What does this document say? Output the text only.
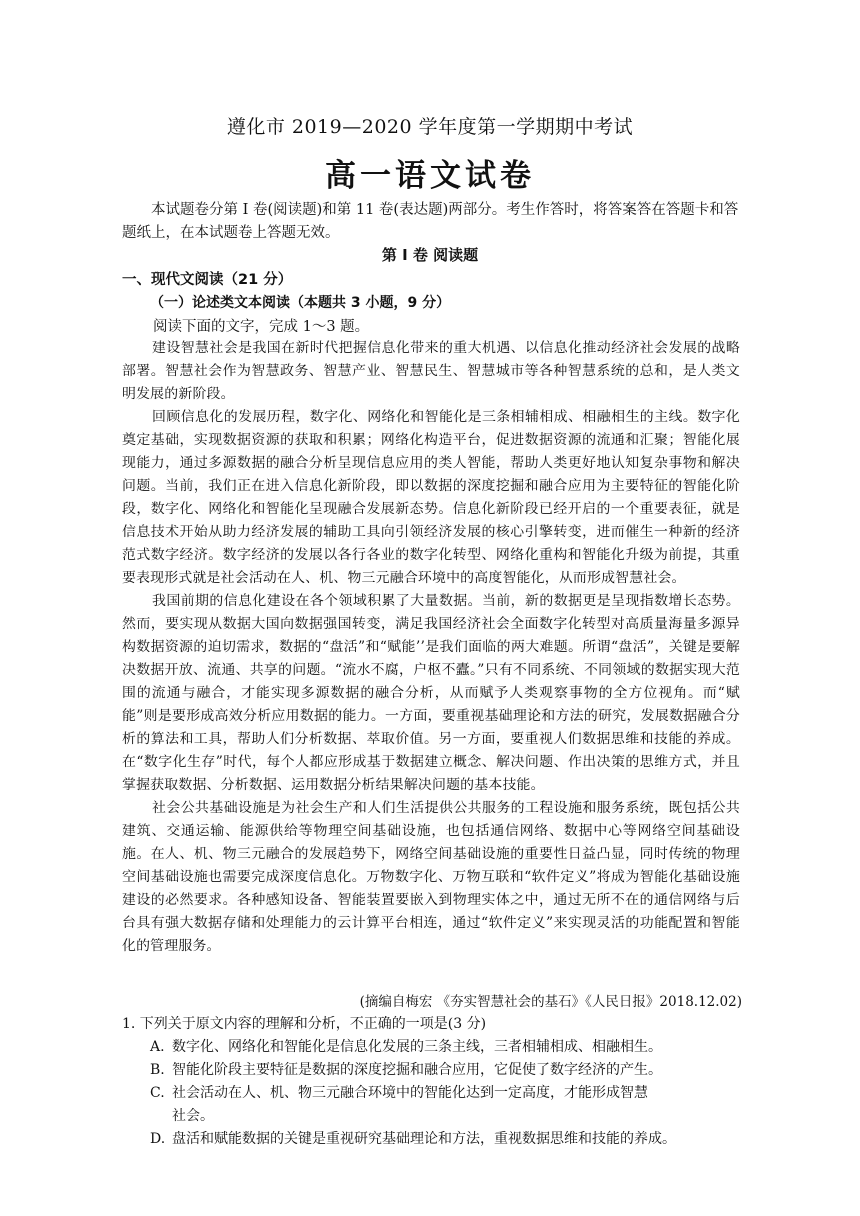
遵化市 2019—2020 学年度第一学期期中考试
高一语文试卷
本试题卷分第 I 卷(阅读题)和第 11 卷(表达题)两部分。考生作答时，将答案答在答题卡和答题纸上，在本试题卷上答题无效。
第 I 卷 阅读题
一、现代文阅读（21 分）
（一）论述类文本阅读（本题共 3 小题，9 分）
阅读下面的文字，完成 1～3 题。

建设智慧社会是我国在新时代把握信息化带来的重大机遇、以信息化推动经济社会发展的战略部署。智慧社会作为智慧政务、智慧产业、智慧民生、智慧城市等各种智慧系统的总和，是人类文明发展的新阶段。

回顾信息化的发展历程，数字化、网络化和智能化是三条相辅相成、相融相生的主线。数字化奠定基础，实现数据资源的获取和积累；网络化构造平台，促进数据资源的流通和汇聚；智能化展现能力，通过多源数据的融合分析呈现信息应用的类人智能，帮助人类更好地认知复杂事物和解决问题。当前，我们正在进入信息化新阶段，即以数据的深度挖掘和融合应用为主要特征的智能化阶段，数字化、网络化和智能化呈现融合发展新态势。信息化新阶段已经开启的一个重要表征，就是信息技术开始从助力经济发展的辅助工具向引领经济发展的核心引擎转变，进而催生一种新的经济范式数字经济。数字经济的发展以各行各业的数字化转型、网络化重构和智能化升级为前提，其重要表现形式就是社会活动在人、机、物三元融合环境中的高度智能化，从而形成智慧社会。

我国前期的信息化建设在各个领域积累了大量数据。当前，新的数据更是呈现指数增长态势。然而，要实现从数据大国向数据强国转变，满足我国经济社会全面数字化转型对高质量海量多源异构数据资源的迫切需求，数据的“盘活”和“赋能’’是我们面临的两大难题。所谓“盘活”，关键是要解决数据开放、流通、共享的问题。“流水不腐，户枢不蠹。”只有不同系统、不同领域的数据实现大范围的流通与融合，才能实现多源数据的融合分析，从而赋予人类观察事物的全方位视角。而“赋能”则是要形成高效分析应用数据的能力。一方面，要重视基础理论和方法的研究，发展数据融合分析的算法和工具，帮助人们分析数据、萃取价值。另一方面，要重视人们数据思维和技能的养成。在“数字化生存”时代，每个人都应形成基于数据建立概念、解决问题、作出决策的思维方式，并且掌握获取数据、分析数据、运用数据分析结果解决问题的基本技能。

社会公共基础设施是为社会生产和人们生活提供公共服务的工程设施和服务系统，既包括公共建筑、交通运输、能源供给等物理空间基础设施，也包括通信网络、数据中心等网络空间基础设施。在人、机、物三元融合的发展趋势下，网络空间基础设施的重要性日益凸显，同时传统的物理空间基础设施也需要完成深度信息化。万物数字化、万物互联和“软件定义”将成为智能化基础设施建设的必然要求。各种感知设备、智能装置要嵌入到物理实体之中，通过无所不在的通信网络与后台具有强大数据存储和处理能力的云计算平台相连，通过“软件定义”来实现灵活的功能配置和智能化的管理服务。

(摘编自梅宏 《夯实智慧社会的基石》《人民日报》2018.12.02)
1. 下列关于原文内容的理解和分析，不正确的一项是(3 分)
A. 数字化、网络化和智能化是信息化发展的三条主线，三者相辅相成、相融相生。
B. 智能化阶段主要特征是数据的深度挖掘和融合应用，它促使了数字经济的产生。
C. 社会活动在人、机、物三元融合环境中的智能化达到一定高度，才能形成智慧
社会。
D. 盘活和赋能数据的关键是重视研究基础理论和方法，重视数据思维和技能的养成。
